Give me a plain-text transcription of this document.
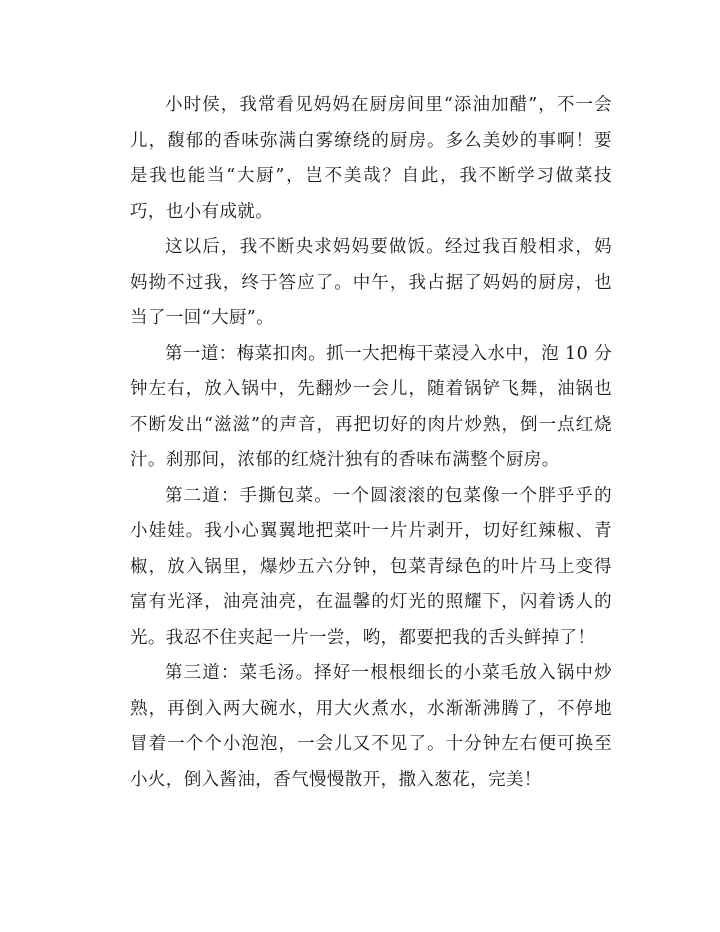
小时侯，我常看见妈妈在厨房间里“添油加醋”，不一会儿，馥郁的香味弥满白雾缭绕的厨房。多么美妙的事啊！要是我也能当“大厨”，岂不美哉？自此，我不断学习做菜技巧，也小有成就。

这以后，我不断央求妈妈要做饭。经过我百般相求，妈妈拗不过我，终于答应了。中午，我占据了妈妈的厨房，也当了一回“大厨”。

第一道：梅菜扣肉。抓一大把梅干菜浸入水中，泡 10 分钟左右，放入锅中，先翻炒一会儿，随着锅铲飞舞，油锅也不断发出“滋滋”的声音，再把切好的肉片炒熟，倒一点红烧汁。刹那间，浓郁的红烧汁独有的香味布满整个厨房。

第二道：手撕包菜。一个圆滚滚的包菜像一个胖乎乎的小娃娃。我小心翼翼地把菜叶一片片剥开，切好红辣椒、青椒，放入锅里，爆炒五六分钟，包菜青绿色的叶片马上变得富有光泽，油亮油亮，在温馨的灯光的照耀下，闪着诱人的光。我忍不住夹起一片一尝，哟，都要把我的舌头鲜掉了！

第三道：菜毛汤。择好一根根细长的小菜毛放入锅中炒熟，再倒入两大碗水，用大火煮水，水渐渐沸腾了，不停地冒着一个个小泡泡，一会儿又不见了。十分钟左右便可换至小火，倒入酱油，香气慢慢散开，撒入葱花，完美！
